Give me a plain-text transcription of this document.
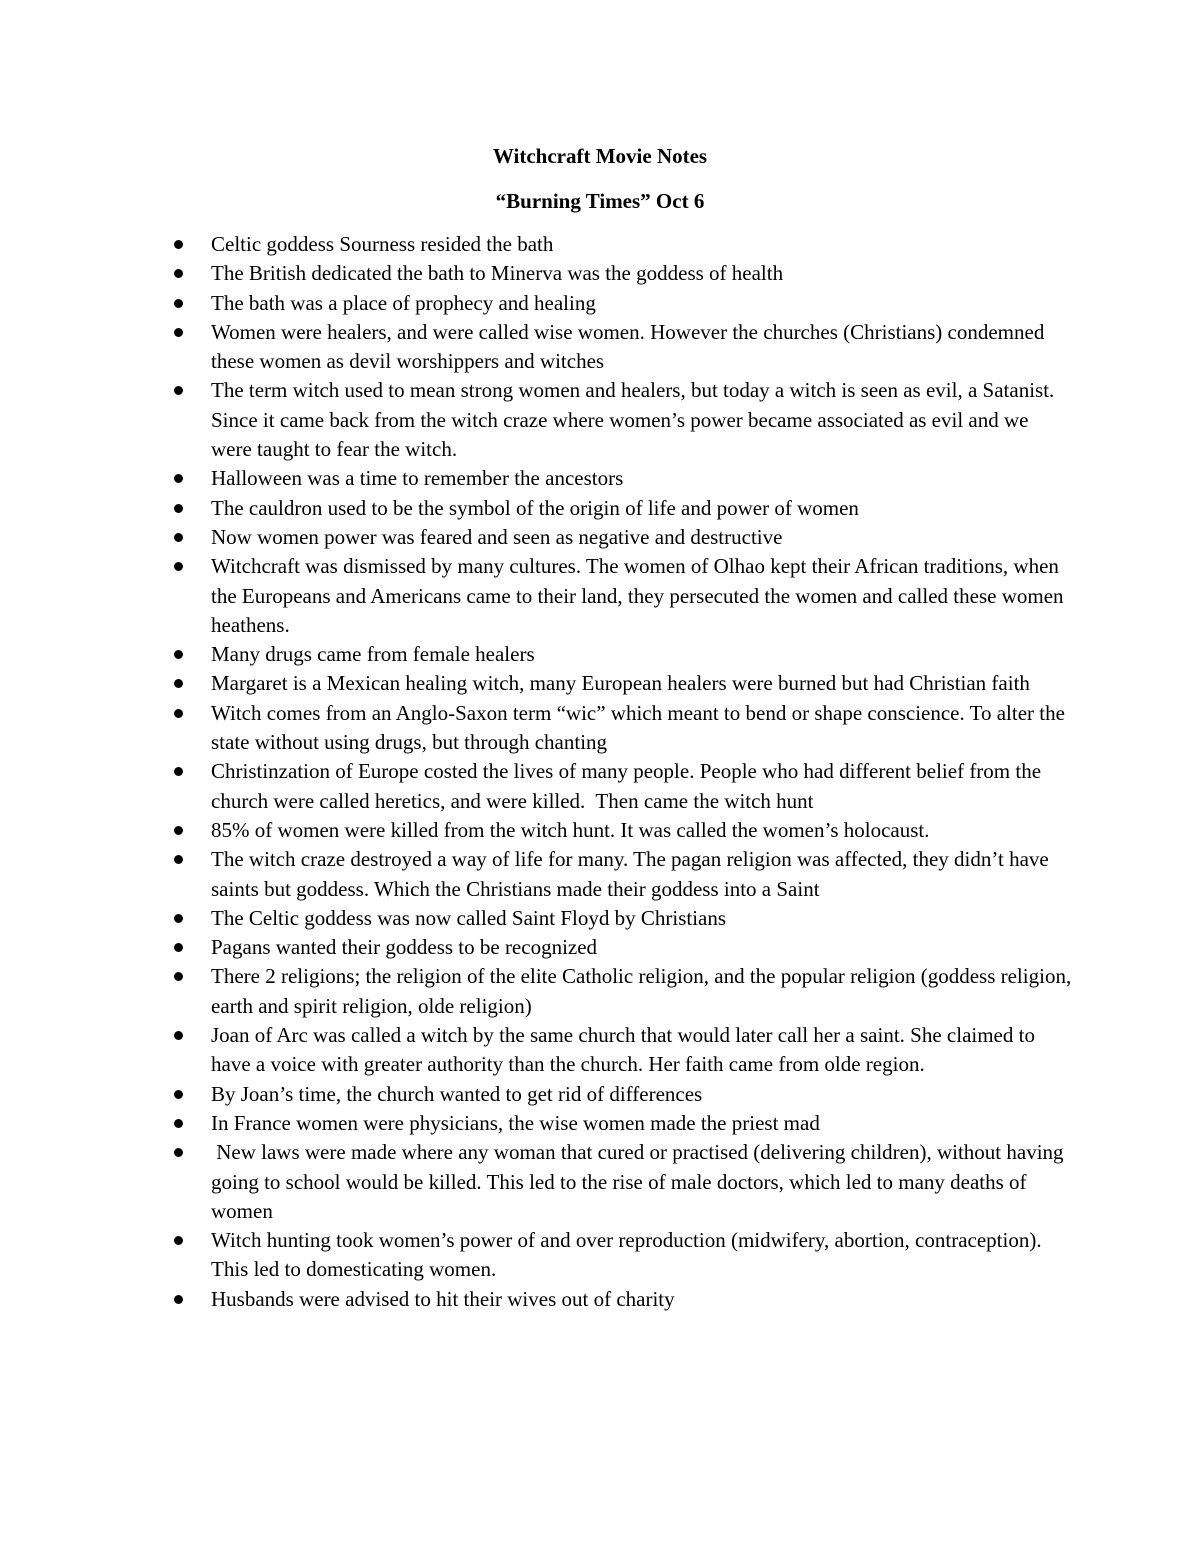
Witchcraft Movie Notes
“Burning Times” Oct 6
Celtic goddess Sourness resided the bath
The British dedicated the bath to Minerva was the goddess of health
The bath was a place of prophecy and healing
Women were healers, and were called wise women. However the churches (Christians) condemned these women as devil worshippers and witches
The term witch used to mean strong women and healers, but today a witch is seen as evil, a Satanist. Since it came back from the witch craze where women’s power became associated as evil and we were taught to fear the witch.
Halloween was a time to remember the ancestors
The cauldron used to be the symbol of the origin of life and power of women
Now women power was feared and seen as negative and destructive
Witchcraft was dismissed by many cultures. The women of Olhao kept their African traditions, when the Europeans and Americans came to their land, they persecuted the women and called these women heathens.
Many drugs came from female healers
Margaret is a Mexican healing witch, many European healers were burned but had Christian faith
Witch comes from an Anglo-Saxon term “wic” which meant to bend or shape conscience. To alter the state without using drugs, but through chanting
Christinzation of Europe costed the lives of many people. People who had different belief from the church were called heretics, and were killed.  Then came the witch hunt
85% of women were killed from the witch hunt. It was called the women’s holocaust.
The witch craze destroyed a way of life for many. The pagan religion was affected, they didn’t have saints but goddess. Which the Christians made their goddess into a Saint
The Celtic goddess was now called Saint Floyd by Christians
Pagans wanted their goddess to be recognized
There 2 religions; the religion of the elite Catholic religion, and the popular religion (goddess religion, earth and spirit religion, olde religion)
Joan of Arc was called a witch by the same church that would later call her a saint. She claimed to have a voice with greater authority than the church. Her faith came from olde region.
By Joan’s time, the church wanted to get rid of differences
In France women were physicians, the wise women made the priest mad
New laws were made where any woman that cured or practised (delivering children), without having going to school would be killed. This led to the rise of male doctors, which led to many deaths of women
Witch hunting took women’s power of and over reproduction (midwifery, abortion, contraception). This led to domesticating women.
Husbands were advised to hit their wives out of charity
